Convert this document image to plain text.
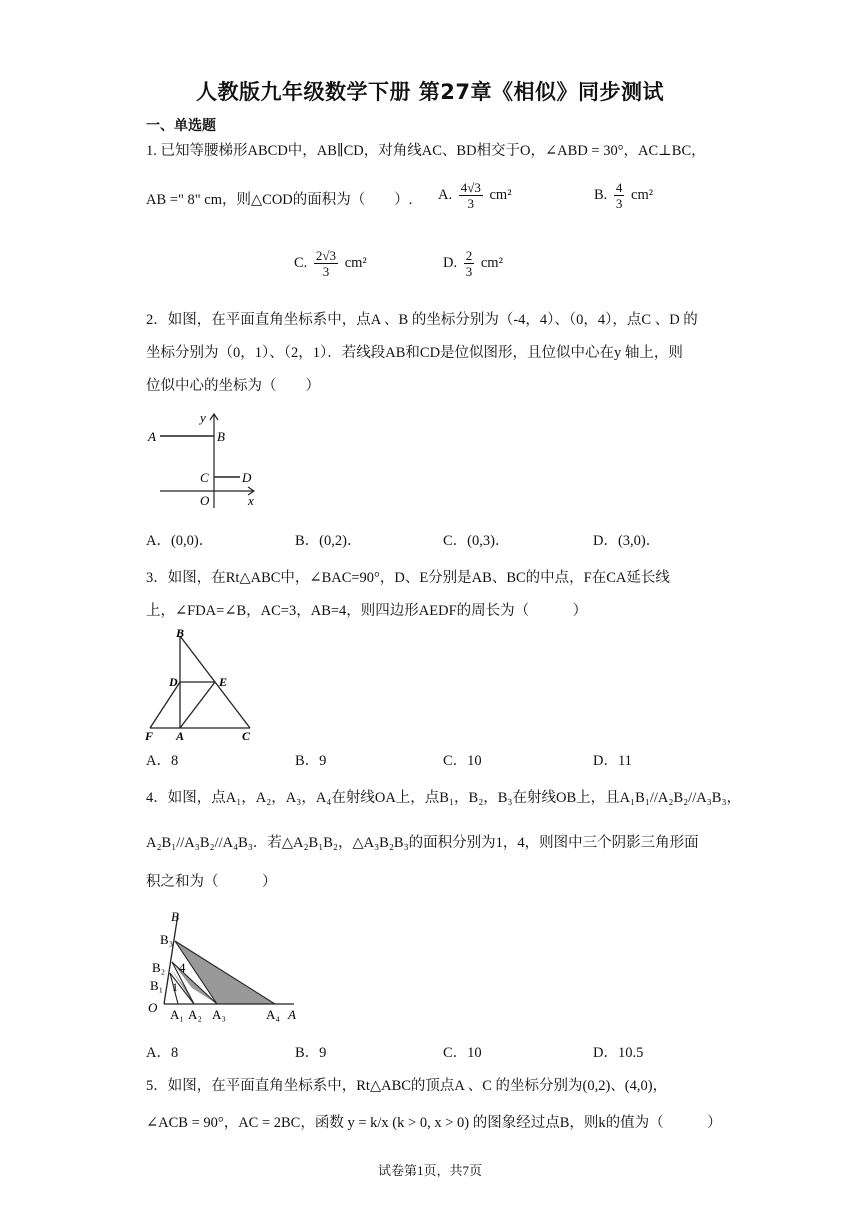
人教版九年级数学下册 第27章《相似》同步测试
一、单选题
1. 已知等腰梯形ABCD中，AB∥CD，对角线AC、BD相交于O，∠ABD = 30°，AC⊥BC，
AB =" 8" cm，则△COD的面积为（　　）. A. $\frac{4√3}{3} cm^2$	B. $\frac{4}{3} cm^2$
C. $\frac{2√3}{3} cm^2$	D. $\frac{2}{3} cm^2$
2．如图，在平面直角坐标系中，点A 、B 的坐标分别为（-4，4）、（0，4），点C 、D 的
坐标分别为（0，1）、（2，1）．若线段AB和CD是位似图形，且位似中心在y 轴上，则
位似中心的坐标为（　　）
A	B
C	D
O	x
y
A．(0,0)．	B．(0,2)．	C．(0,3)．	D．(3,0)．
3．如图，在Rt△ABC中，∠BAC=90°，D、E分别是AB、BC的中点，F在CA延长线
上，∠FDA=∠B，AC=3，AB=4，则四边形AEDF的周长为（　　　）
B
D	E
F A	C
A．8	B．9	C．10	D．11
4．如图，点A₁，A₂，A₃，A₄在射线OA上，点B₁，B₂，B₃在射线OB上，且A₁B₁//A₂B₂//A₃B₃，
A₂B₁//A₃B₂//A₄B₃．若△A₂B₁B₂，△A₃B₂B₃的面积分别为1，4，则图中三个阴影三角形面
积之和为（　　　）
B
B₃
B₂
B₁
O A₁ A₂ A₃	A₄ A
4
1
A．8	B．9	C．10	D．10.5
5．如图，在平面直角坐标系中，Rt△ABC的顶点A 、C 的坐标分别为(0,2)、(4,0)，
∠ACB = 90°，AC = 2BC，函数 y = k/x (k > 0, x > 0) 的图象经过点B，则k的值为（　　　）
试卷第1页，共7页
